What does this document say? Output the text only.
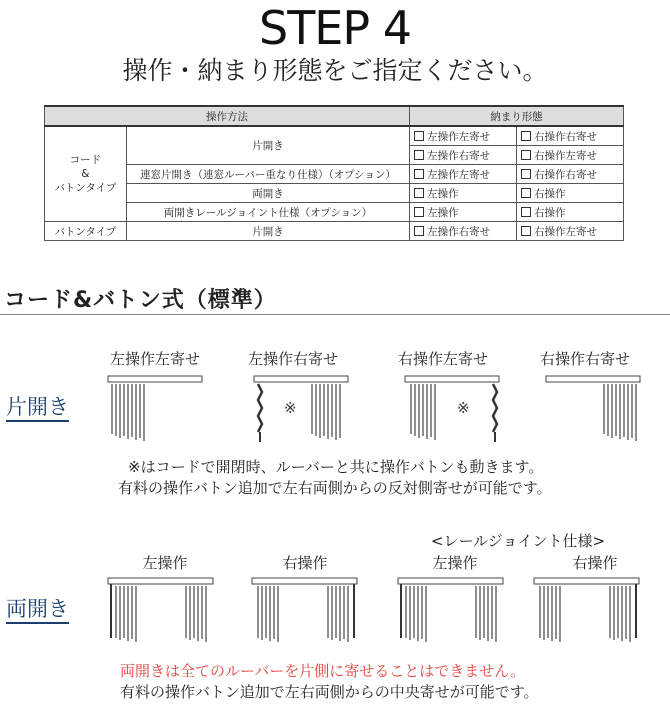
STEP 4
操作・納まり形態をご指定ください。
操作方法		納まり形態	
コード
&
バトンタイプ	片開き	左操作左寄せ	右操作右寄せ
		左操作右寄せ	右操作左寄せ
	連窓片開き（連窓ルーバー重なり仕様）（オプション）	左操作左寄せ	右操作右寄せ
	両開き	左操作	右操作
	両開きレールジョイント仕様（オプション）	左操作	右操作
バトンタイプ	片開き	左操作右寄せ	右操作左寄せ
コード&バトン式（標準）
左操作左寄せ	左操作右寄せ	右操作左寄せ	右操作右寄せ
片開き	※	※
※はコードで開閉時、ルーバーと共に操作バトンも動きます。
有料の操作バトン追加で左右両側からの反対側寄せが可能です。
<レールジョイント仕様>
左操作	右操作	左操作	右操作
両開き
両開きは全てのルーバーを片側に寄せることはできません。
有料の操作バトン追加で左右両側からの中央寄せが可能です。
